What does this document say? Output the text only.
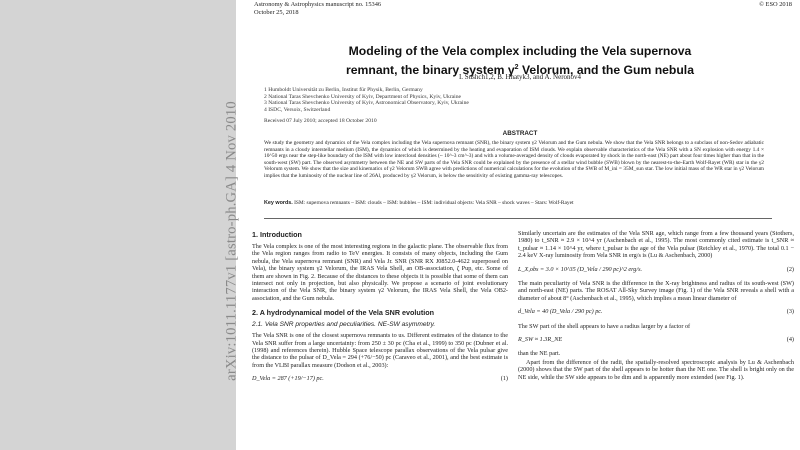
Astronomy & Astrophysics manuscript no. 15346
October 25, 2018
© ESO 2018
Modeling of the Vela complex including the Vela supernova
remnant, the binary system $\gamma^2$ Velorum, and the Gum nebula
I. Sushch1,2, B. Hnatyk3, and A. Neronov4
1 Humboldt Universität zu Berlin, Institut für Physik, Berlin, Germany
2 National Taras Shevchenko University of Kyiv, Department of Physics, Kyiv, Ukraine
3 National Taras Shevchenko University of Kyiv, Astronomical Observatory, Kyiv, Ukraine
4 ISDC, Versoix, Switzerland
Received 07 July 2010; accepted 18 October 2010
ABSTRACT
We study the geometry and dynamics of the Vela complex including the Vela supernova remnant (SNR), the binary system γ2 Velorum and the Gum nebula. We show that the Vela SNR belongs to a subclass of non-Sedov adiabatic remnants in a cloudy interstellar medium (ISM), the dynamics of which is determined by the heating and evaporation of ISM clouds. We explain observable characteristics of the Vela SNR with a SN explosion with energy 1.4 × 10^50 ergs near the step-like boundary of the ISM with low intercloud densities (~ 10^-3 cm^-3) and with a volume-averaged density of clouds evaporated by shock in the north-east (NE) part about four times higher than that in the south-west (SW) part. The observed asymmetry between the NE and SW parts of the Vela SNR could be explained by the presence of a stellar wind bubble (SWB) blown by the nearest-to-the-Earth Wolf-Rayet (WR) star in the γ2 Velorum system. We show that the size and kinematics of γ2 Velorum SWB agree with predictions of numerical calculations for the evolution of the SWB of M_ini = 35M_sun star. The low initial mass of the WR star in γ2 Velorum implies that the luminosity of the nuclear line of 26Al, produced by γ2 Velorum, is below the sensitivity of existing gamma-ray telescopes.
Key words. ISM: supernova remnants – ISM: clouds – ISM: bubbles – ISM: individual objects: Vela SNR – shock waves – Stars: Wolf-Rayet
1. Introduction
The Vela complex is one of the most interesting regions in the galactic plane. The observable flux from the Vela region ranges from radio to TeV energies. It consists of many objects, including the Gum nebula, the Vela supernova remnant (SNR) and Vela Jr. SNR (SNR RX J0852.0-4622 superposed on Vela), the binary system γ2 Velorum, the IRAS Vela Shell, an OB-association, ζ Pup, etc. Some of them are shown in Fig. 2. Because of the distances to these objects it is possible that some of them can intersect not only in projection, but also physically. We propose a scenario of joint evolutionary interaction of the Vela SNR, the binary system γ2 Velorum, the IRAS Vela Shell, the Vela OB2-association, and the Gum nebula.
2. A hydrodynamical model of the Vela SNR evolution
2.1. Vela SNR properties and peculiarities. NE-SW asymmetry.
The Vela SNR is one of the closest supernova remnants to us. Different estimates of the distance to the Vela SNR suffer from a large uncertainty: from 250 ± 30 pc (Cha et al., 1999) to 350 pc (Dubner et al. (1998) and references therein). Hubble Space telescope parallax observations of the Vela pulsar give the distance to the pulsar of D_Vela = 294 (+76/−50) pc (Caraveo et al., 2001), and the best estimate is from the VLBI parallax measure (Dodson et al., 2003):
D_Vela = 287 (+19/−17) pc.	(1)
Similarly uncertain are the estimates of the Vela SNR age, which range from a few thousand years (Stothers, 1980) to t_SNR ≈ 2.9 × 10^4 yr (Aschenbach et al., 1995). The most commonly cited estimate is t_SNR ≈ t_pulsar ≈ 1.14 × 10^4 yr, where t_pulsar is the age of the Vela pulsar (Reichley et al., 1970). The total 0.1 − 2.4 keV X-ray luminosity from Vela SNR in erg/s is (Lu & Aschenbach, 2000)
L_X,obs = 3.0 × 10^35 (D_Vela / 290 pc)^2 erg/s.	(2)
The main peculiarity of Vela SNR is the difference in the X-ray brightness and radius of its south-west (SW) and north-east (NE) parts. The ROSAT All-Sky Survey image (Fig. 1) of the Vela SNR reveals a shell with a diameter of about 8° (Aschenbach et al., 1995), which implies a mean linear diameter of
d_Vela = 40 (D_Vela / 290 pc) pc.	(3)
The SW part of the shell appears to have a radius larger by a factor of
R_SW ≈ 1.3R_NE	(4)
than the NE part.
Apart from the difference of the radii, the spatially-resolved spectroscopic analysis by Lu & Aschenbach (2000) shows that the SW part of the shell appears to be hotter than the NE one. The shell is bright only on the NE side, while the SW side appears to be dim and is apparently more extended (see Fig. 1).
arXiv:1011.1177v1 [astro-ph.GA] 4 Nov 2010
